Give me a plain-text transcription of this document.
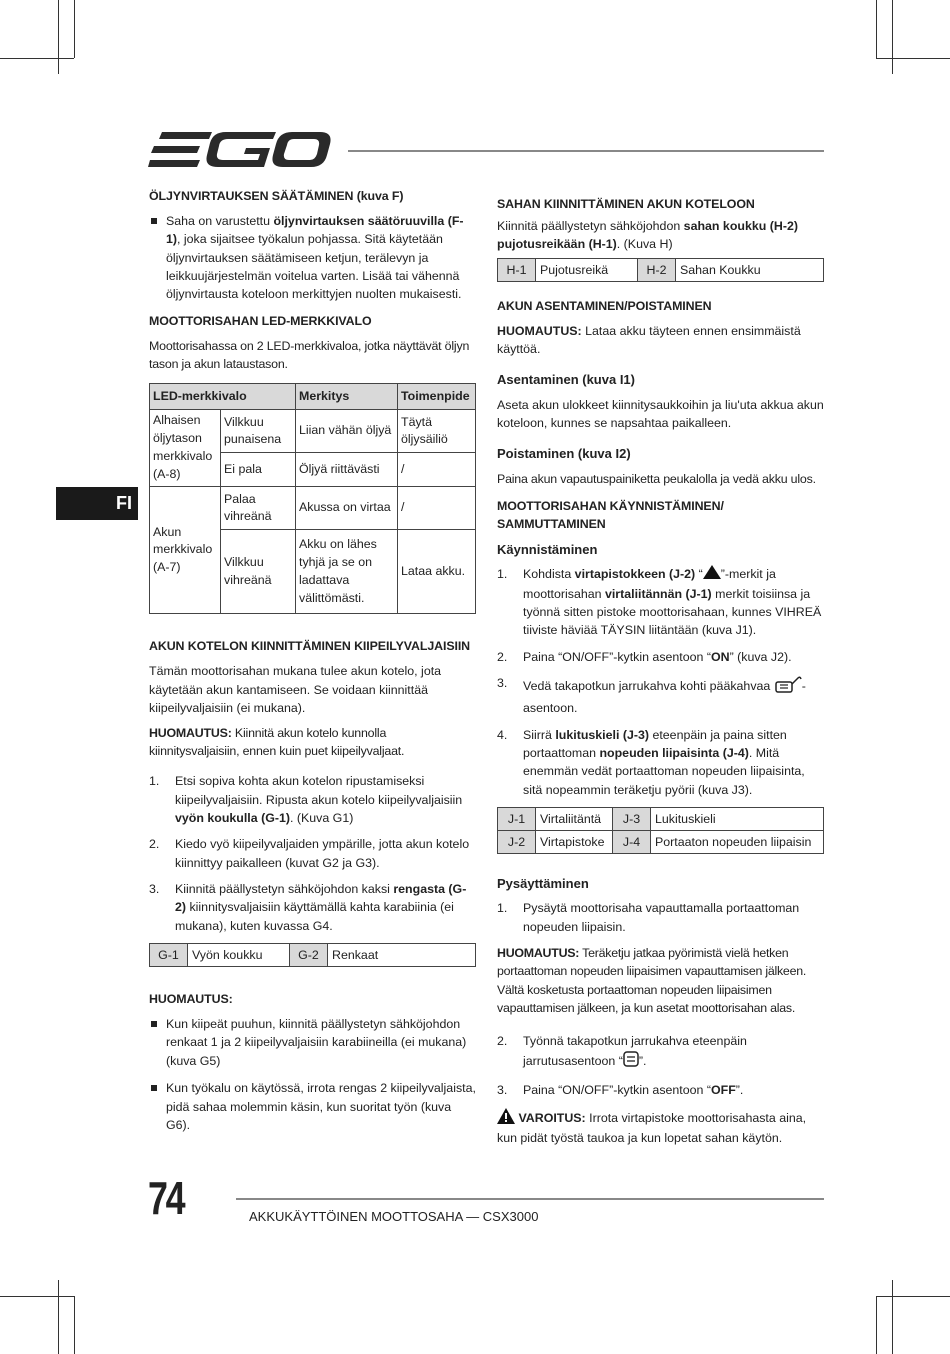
FI
ÖLJYNVIRTAUKSEN SÄÄTÄMINEN (kuva F)
Saha on varustettu öljynvirtauksen säätöruuvilla (F-1), joka sijaitsee työkalun pohjassa. Sitä käytetään öljynvirtauksen säätämiseen ketjun, terälevyn ja leikkuujärjestelmän voitelua varten. Lisää tai vähennä öljynvirtausta koteloon merkittyjen nuolten mukaisesti.
MOOTTORISAHAN LED-MERKKIVALO

Moottorisahassa on 2 LED-merkkivaloa, jotka näyttävät öljyn tason ja akun lataustason.

LED-merkkivalo		Merkitys	Toimenpide
Alhaisen öljytason merkkivalo (A-8)	Vilkkuu punaisena	Liian vähän öljyä	Täytä öljysäiliö
	Ei pala	Öljyä riittävästi	/
Akun merkkivalo (A-7)	Palaa vihreänä	Akussa on virtaa	/
	Vilkkuu vihreänä	Akku on lähes tyhjä ja se on ladattava välittömästi.	Lataa akku.
AKUN KOTELON KIINNITTÄMINEN KIIPEILYVALJAISIIN

Tämän moottorisahan mukana tulee akun kotelo, jota käytetään akun kantamiseen. Se voidaan kiinnittää kiipeilyvaljaisiin (ei mukana).

HUOMAUTUS: Kiinnitä akun kotelo kunnolla kiinnitysvaljaisiin, ennen kuin puet kiipeilyvaljaat.

1. Etsi sopiva kohta akun kotelon ripustamiseksi kiipeilyvaljaisiin. Ripusta akun kotelo kiipeilyvaljaisiin vyön koukulla (G-1). (Kuva G1)
2. Kiedo vyö kiipeilyvaljaiden ympärille, jotta akun kotelo kiinnittyy paikalleen (kuvat G2 ja G3).
3. Kiinnitä päällystetyn sähköjohdon kaksi rengasta (G-2) kiinnitysvaljaisiin käyttämällä kahta karabiinia (ei mukana), kuten kuvassa G4.
G-1	Vyön koukku	G-2	Renkaat
HUOMAUTUS:
Kun kiipeät puuhun, kiinnitä päällystetyn sähköjohdon renkaat 1 ja 2 kiipeilyvaljaisiin karabiineilla (ei mukana) (kuva G5)
Kun työkalu on käytössä, irrota rengas 2 kiipeilyvaljaista, pidä sahaa molemmin käsin, kun suoritat työn (kuva G6).
SAHAN KIINNITTÄMINEN AKUN KOTELOON

Kiinnitä päällystetyn sähköjohdon sahan koukku (H-2) pujotusreikään (H-1). (Kuva H)

H-1	Pujotusreikä	H-2	Sahan Koukku
AKUN ASENTAMINEN/POISTAMINEN

HUOMAUTUS: Lataa akku täyteen ennen ensimmäistä käyttöä.

Asentaminen (kuva I1)

Aseta akun ulokkeet kiinnitysaukkoihin ja liu'uta akkua akun koteloon, kunnes se napsahtaa paikalleen.

Poistaminen (kuva I2)

Paina akun vapautuspainiketta peukalolla ja vedä akku ulos.

MOOTTORISAHAN KÄYNNISTÄMINEN/ SAMMUTTAMINEN
Käynnistäminen
1. Kohdista virtapistokkeen (J-2) “ ”-merkit ja moottorisahan virtaliitännän (J-1) merkit toisiinsa ja työnnä sitten pistoke moottorisahaan, kunnes VIHREÄ tiiviste häviää TÄYSIN liitäntään (kuva J1).
2. Paina “ON/OFF”-kytkin asentoon “ON” (kuva J2).
3. Vedä takapotkun jarrukahva kohti pääkahvaa -asentoon.
4. Siirrä lukituskieli (J-3) eteenpäin ja paina sitten portaattoman nopeuden liipaisinta (J-4). Mitä enemmän vedät portaattoman nopeuden liipaisinta, sitä nopeammin teräketju pyörii (kuva J3).
J-1	Virtaliitäntä	J-3	Lukituskieli
J-2	Virtapistoke	J-4	Portaaton nopeuden liipaisin
Pysäyttäminen
1. Pysäytä moottorisaha vapauttamalla portaattoman nopeuden liipaisin.

HUOMAUTUS: Teräketju jatkaa pyörimistä vielä hetken portaattoman nopeuden liipaisimen vapauttamisen jälkeen. Vältä kosketusta portaattoman nopeuden liipaisimen vapauttamisen jälkeen, ja kun asetat moottorisahan alas.

2. Työnnä takapotkun jarrukahva eteenpäin jarrutusasentoon “ ”.
3. Paina “ON/OFF”-kytkin asentoon “OFF”.

VAROITUS: Irrota virtapistoke moottorisahasta aina, kun pidät työstä taukoa ja kun lopetat sahan käytön.

74	AKKUKÄYTTÖINEN MOOTTOSAHA — CSX3000
